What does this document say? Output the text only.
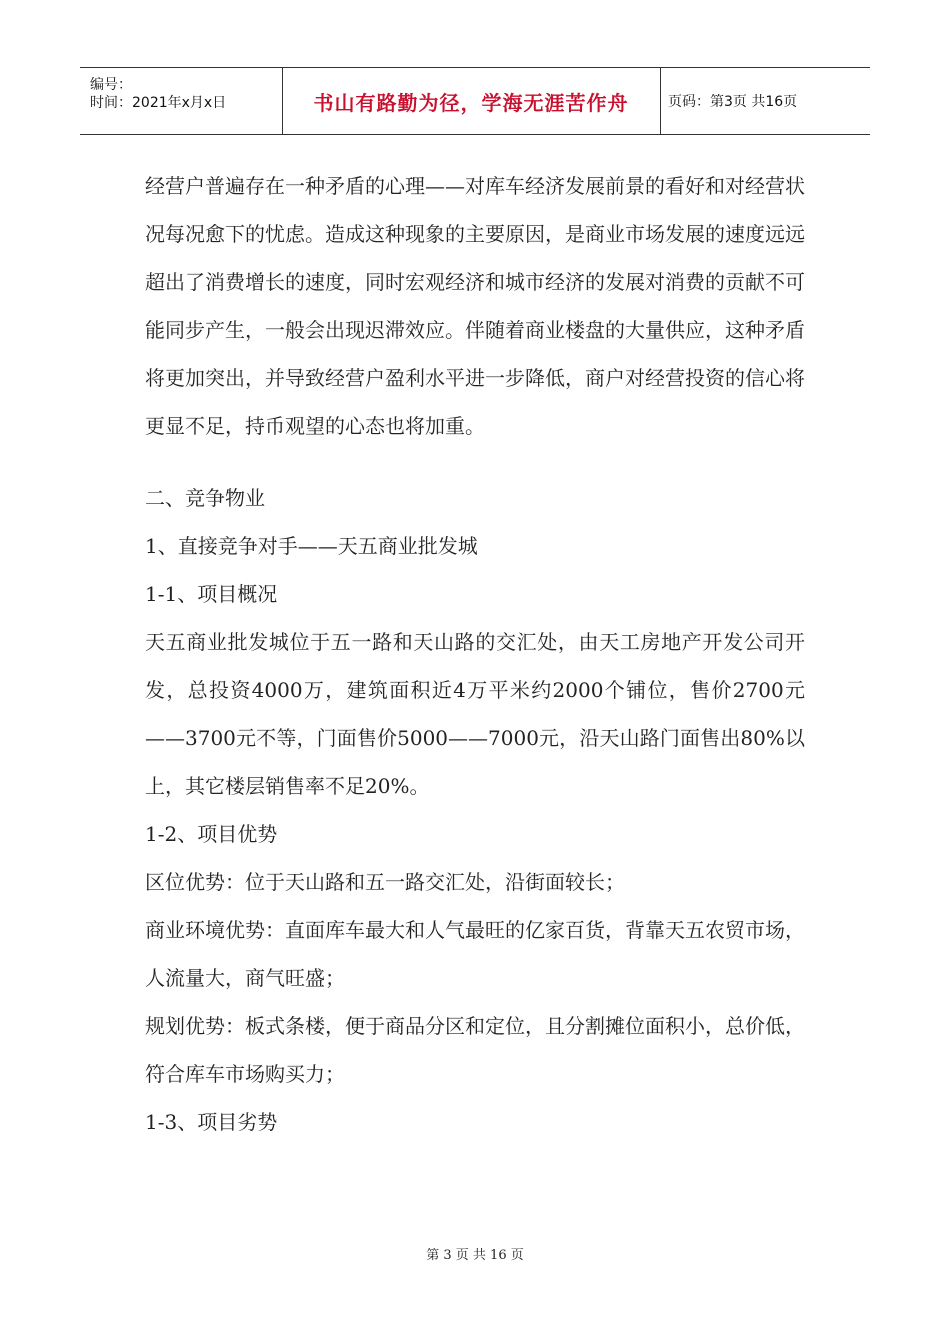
编号：
时间：2021年x月x日	书山有路勤为径，学海无涯苦作舟	页码：第3页 共16页

经营户普遍存在一种矛盾的心理——对库车经济发展前景的看好和对经营状况每况愈下的忧虑。造成这种现象的主要原因，是商业市场发展的速度远远超出了消费增长的速度，同时宏观经济和城市经济的发展对消费的贡献不可能同步产生，一般会出现迟滞效应。伴随着商业楼盘的大量供应，这种矛盾将更加突出，并导致经营户盈利水平进一步降低，商户对经营投资的信心将更显不足，持币观望的心态也将加重。

二、竞争物业

1、直接竞争对手——天五商业批发城

1-1、项目概况

天五商业批发城位于五一路和天山路的交汇处，由天工房地产开发公司开发，总投资4000万，建筑面积近4万平米约2000个铺位，售价2700元——3700元不等，门面售价5000——7000元，沿天山路门面售出80%以上，其它楼层销售率不足20%。

1-2、项目优势

区位优势：位于天山路和五一路交汇处，沿街面较长；

商业环境优势：直面库车最大和人气最旺的亿家百货，背靠天五农贸市场，人流量大，商气旺盛；

规划优势：板式条楼，便于商品分区和定位，且分割摊位面积小，总价低，符合库车市场购买力；

1-3、项目劣势

第 3 页 共 16 页
